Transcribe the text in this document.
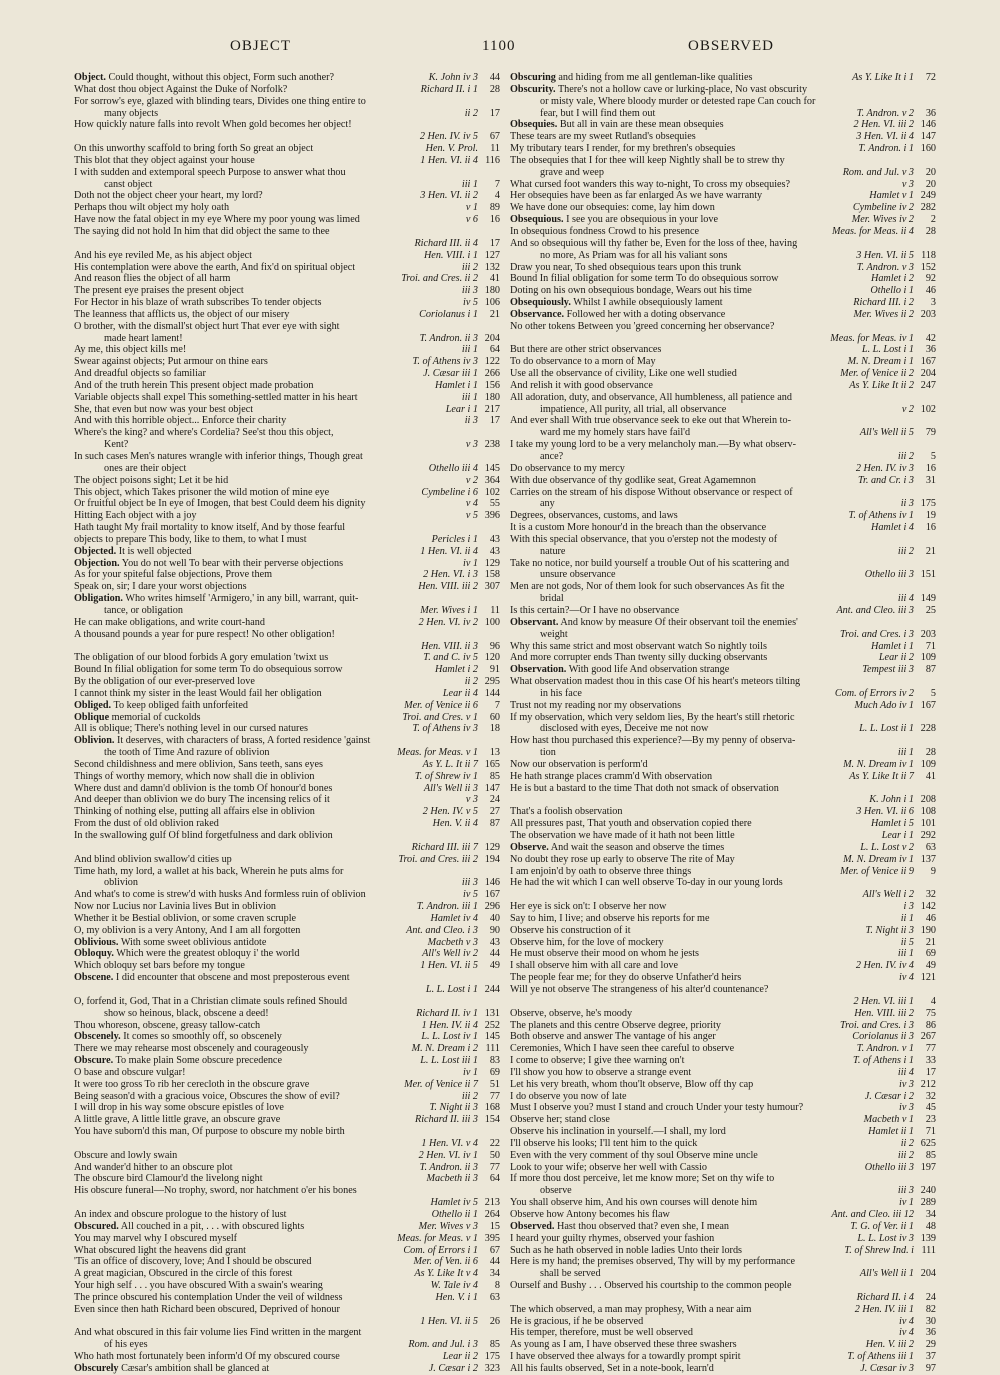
OBJECT	1100	OBSERVED
Object. Could thought, without this object, Form such another?	K. John iv 3	44
What dost thou object Against the Duke of Norfolk?	Richard II. i 1	28
For sorrow's eye, glazed with blinding tears, Divides one thing entire to
many objects	ii 2	17
How quickly nature falls into revolt When gold becomes her object!
2 Hen. IV. iv 5	67
On this unworthy scaffold to bring forth So great an object	Hen. V. Prol.	11
This blot that they object against your house	1 Hen. VI. ii 4 116
I with sudden and extemporal speech Purpose to answer what thou
canst object	iii 1	7
Doth not the object cheer your heart, my lord?	3 Hen. VI. ii 2	4
Perhaps thou wilt object my holy oath	v 1	89
Have now the fatal object in my eye Where my poor young was limed	v 6	16
The saying did not hold In him that did object the same to thee
Richard III. ii 4	17
And his eye reviled Me, as his abject object	Hen. VIII. i 1 127
His contemplation were above the earth, And fix'd on spiritual object	iii 2 132
And reason flies the object of all harm	Troi. and Cres. ii 2	41
The present eye praises the present object	iii 3 180
For Hector in his blaze of wrath subscribes To tender objects	iv 5 106
The leanness that afflicts us, the object of our misery	Coriolanus i 1	21
O brother, with the dismall'st object hurt That ever eye with sight
made heart lament!	T. Andron. ii 3 204
Ay me, this object kills me!	iii 1	64
Swear against objects; Put armour on thine ears	T. of Athens iv 3 122
And dreadful objects so familiar	J. Cæsar iii 1 266
And of the truth herein This present object made probation	Hamlet i 1 156
Variable objects shall expel This something-settled matter in his heart	iii 1 180
She, that even but now was your best object	Lear i 1 217
And with this horrible object... Enforce their charity	ii 3	17
Where's the king? and where's Cordelia? See'st thou this object,
Kent?	v 3 238
In such cases Men's natures wrangle with inferior things, Though great
ones are their object	Othello iii 4 145
The object poisons sight; Let it be hid	v 2 364
This object, which Takes prisoner the wild motion of mine eye	Cymbeline i 6 102
Or fruitful object be In eye of Imogen, that best Could deem his dignity	v 4	55
Hitting Each object with a joy	v 5 396
Hath taught My frail mortality to know itself, And by those fearful
objects to prepare This body, like to them, to what I must	Pericles i 1	43
Objected. It is well objected	1 Hen. VI. ii 4	43
Objection. You do not well To bear with their perverse objections	iv 1 129
As for your spiteful false objections, Prove them	2 Hen. VI. i 3 158
Speak on, sir; I dare your worst objections	Hen. VIII. iii 2 307
Obligation. Who writes himself 'Armigero,' in any bill, warrant, quit-
tance, or obligation	Mer. Wives i 1	11
He can make obligations, and write court-hand	2 Hen. VI. iv 2 100
A thousand pounds a year for pure respect! No other obligation!
Hen. VIII. ii 3	96
The obligation of our blood forbids A gory emulation 'twixt us	T. and C. iv 5 120
Bound In filial obligation for some term To do obsequious sorrow	Hamlet i 2	91
By the obligation of our ever-preserved love	ii 2 295
I cannot think my sister in the least Would fail her obligation	Lear ii 4 144
Obliged. To keep obliged faith unforfeited	Mer. of Venice ii 6	7
Oblique memorial of cuckolds	Troi. and Cres. v 1	60
All is oblique; There's nothing level in our cursed natures	T. of Athens iv 3	18
Oblivion. It deserves, with characters of brass, A forted residence 'gainst
the tooth of Time And razure of oblivion	Meas. for Meas. v 1	13
Second childishness and mere oblivion, Sans teeth, sans eyes	As Y. L. It ii 7 165
Things of worthy memory, which now shall die in oblivion	T. of Shrew iv 1	85
Where dust and damn'd oblivion is the tomb Of honour'd bones	All's Well ii 3 147
And deeper than oblivion we do bury The incensing relics of it	v 3	24
Thinking of nothing else, putting all affairs else in oblivion	2 Hen. IV. v 5	27
From the dust of old oblivion raked	Hen. V. ii 4	87
In the swallowing gulf Of blind forgetfulness and dark oblivion
Richard III. iii 7 129
And blind oblivion swallow'd cities up	Troi. and Cres. iii 2 194
Time hath, my lord, a wallet at his back, Wherein he puts alms for
oblivion	iii 3 146
And what's to come is strew'd with husks And formless ruin of oblivion	iv 5 167
Now nor Lucius nor Lavinia lives But in oblivion	T. Andron. iii 1 296
Whether it be Bestial oblivion, or some craven scruple	Hamlet iv 4	40
O, my oblivion is a very Antony, And I am all forgotten	Ant. and Cleo. i 3	90
Oblivious. With some sweet oblivious antidote	Macbeth v 3	43
Obloquy. Which were the greatest obloquy i' the world	All's Well iv 2	44
Which obloquy set bars before my tongue	1 Hen. VI. ii 5	49
Obscene. I did encounter that obscene and most preposterous event
L. L. Lost i 1 244
O, forfend it, God, That in a Christian climate souls refined Should
show so heinous, black, obscene a deed!	Richard II. iv 1 131
Thou whoreson, obscene, greasy tallow-catch	1 Hen. IV. ii 4 252
Obscenely. It comes so smoothly off, so obscenely	L. L. Lost iv 1 145
There we may rehearse most obscenely and courageously	M. N. Dream i 2 111
Obscure. To make plain Some obscure precedence	L. L. Lost iii 1	83
O base and obscure vulgar!	iv 1	69
It were too gross To rib her cerecloth in the obscure grave	Mer. of Venice ii 7	51
Being season'd with a gracious voice, Obscures the show of evil?	iii 2	77
I will drop in his way some obscure epistles of love	T. Night ii 3 168
A little grave, A little little grave, an obscure grave	Richard II. iii 3 154
You have suborn'd this man, Of purpose to obscure my noble birth
1 Hen. VI. v 4	22
Obscure and lowly swain	2 Hen. VI. iv 1	50
And wander'd hither to an obscure plot	T. Andron. ii 3	77
The obscure bird Clamour'd the livelong night	Macbeth ii 3	64
His obscure funeral—No trophy, sword, nor hatchment o'er his bones
Hamlet iv 5 213
An index and obscure prologue to the history of lust	Othello ii 1 264
Obscured. All couched in a pit, . . . with obscured lights	Mer. Wives v 3	15
You may marvel why I obscured myself	Meas. for Meas. v 1 395
What obscured light the heavens did grant	Com. of Errors i 1	67
'Tis an office of discovery, love; And I should be obscured	Mer. of Ven. ii 6	44
A great magician, Obscured in the circle of this forest	As Y. Like It v 4	34
Your high self . . . you have obscured With a swain's wearing	W. Tale iv 4	8
The prince obscured his contemplation Under the veil of wildness	Hen. V. i 1	63
Even since then hath Richard been obscured, Deprived of honour
1 Hen. VI. ii 5	26
And what obscured in this fair volume lies Find written in the margent
of his eyes	Rom. and Jul. i 3	85
Who hath most fortunately been inform'd Of my obscured course	Lear ii 2 175
Obscurely Cæsar's ambition shall be glanced at	J. Cæsar i 2 323
Obscuring and hiding from me all gentleman-like qualities	As Y. Like It i 1	72
Obscurity. There's not a hollow cave or lurking-place, No vast obscurity
or misty vale, Where bloody murder or detested rape Can couch for
fear, but I will find them out	T. Andron. v 2	36
Obsequies. But all in vain are these mean obsequies	2 Hen. VI. iii 2 146
These tears are my sweet Rutland's obsequies	3 Hen. VI. ii 4 147
My tributary tears I render, for my brethren's obsequies	T. Andron. i 1 160
The obsequies that I for thee will keep Nightly shall be to strew thy
grave and weep	Rom. and Jul. v 3	20
What cursed foot wanders this way to-night, To cross my obsequies?	v 3	20
Her obsequies have been as far enlarged As we have warranty	Hamlet v 1 249
We have done our obsequies: come, lay him down	Cymbeline iv 2 282
Obsequious. I see you are obsequious in your love	Mer. Wives iv 2	2
In obsequious fondness Crowd to his presence	Meas. for Meas. ii 4	28
And so obsequious will thy father be, Even for the loss of thee, having
no more, As Priam was for all his valiant sons	3 Hen. VI. ii 5 118
Draw you near, To shed obsequious tears upon this trunk	T. Andron. v 3 152
Bound In filial obligation for some term To do obsequious sorrow	Hamlet i 2	92
Doting on his own obsequious bondage, Wears out his time	Othello i 1	46
Obsequiously. Whilst I awhile obsequiously lament	Richard III. i 2	3
Observance. Followed her with a doting observance	Mer. Wives ii 2 203
No other tokens Between you 'greed concerning her observance?
Meas. for Meas. iv 1	42
But there are other strict observances	L. L. Lost i 1	36
To do observance to a morn of May	M. N. Dream i 1 167
Use all the observance of civility, Like one well studied	Mer. of Venice ii 2 204
And relish it with good observance	As Y. Like It ii 2 247
All adoration, duty, and observance, All humbleness, all patience and
impatience, All purity, all trial, all observance	v 2 102
And ever shall With true observance seek to eke out that Wherein to-
ward me my homely stars have fail'd	All's Well ii 5	79
I take my young lord to be a very melancholy man.—By what observ-
ance?	iii 2	5
Do observance to my mercy	2 Hen. IV. iv 3	16
With due observance of thy godlike seat, Great Agamemnon	Tr. and Cr. i 3	31
Carries on the stream of his dispose Without observance or respect of
any	ii 3 175
Degrees, observances, customs, and laws	T. of Athens iv 1	19
It is a custom More honour'd in the breach than the observance	Hamlet i 4	16
With this special observance, that you o'erstep not the modesty of
nature	iii 2	21
Take no notice, nor build yourself a trouble Out of his scattering and
unsure observance	Othello iii 3 151
Men are not gods, Nor of them look for such observances As fit the
bridal	iii 4 149
Is this certain?—Or I have no observance	Ant. and Cleo. iii 3	25
Observant. And know by measure Of their observant toil the enemies'
weight	Troi. and Cres. i 3 203
Why this same strict and most observant watch So nightly toils	Hamlet i 1	71
And more corrupter ends Than twenty silly ducking observants	Lear ii 2 109
Observation. With good life And observation strange	Tempest iii 3	87
What observation madest thou in this case Of his heart's meteors tilting
in his face	Com. of Errors iv 2	5
Trust not my reading nor my observations	Much Ado iv 1 167
If my observation, which very seldom lies, By the heart's still rhetoric
disclosed with eyes, Deceive me not now	L. L. Lost ii 1 228
How hast thou purchased this experience?—By my penny of observa-
tion	iii 1	28
Now our observation is perform'd	M. N. Dream iv 1 109
He hath strange places cramm'd With observation	As Y. Like It ii 7	41
He is but a bastard to the time That doth not smack of observation
K. John i 1 208
That's a foolish observation	3 Hen. VI. ii 6 108
All pressures past, That youth and observation copied there	Hamlet i 5 101
The observation we have made of it hath not been little	Lear i 1 292
Observe. And wait the season and observe the times	L. L. Lost v 2	63
No doubt they rose up early to observe The rite of May	M. N. Dream iv 1 137
I am enjoin'd by oath to observe three things	Mer. of Venice ii 9	9
He had the wit which I can well observe To-day in our young lords
All's Well i 2	32
Her eye is sick on't: I observe her now	i 3 142
Say to him, I live; and observe his reports for me	ii 1	46
Observe his construction of it	T. Night ii 3 190
Observe him, for the love of mockery	ii 5	21
He must observe their mood on whom he jests	iii 1	69
I shall observe him with all care and love	2 Hen. IV. iv 4	49
The people fear me; for they do observe Unfather'd heirs	iv 4 121
Will ye not observe The strangeness of his alter'd countenance?
2 Hen. VI. iii 1	4
Observe, observe, he's moody	Hen. VIII. iii 2	75
The planets and this centre Observe degree, priority	Troi. and Cres. i 3	86
Both observe and answer The vantage of his anger	Coriolanus ii 3 267
Ceremonies, Which I have seen thee careful to observe	T. Andron. v 1	77
I come to observe; I give thee warning on't	T. of Athens i 1	33
I'll show you how to observe a strange event	iii 4	17
Let his very breath, whom thou'lt observe, Blow off thy cap	iv 3 212
I do observe you now of late	J. Cæsar i 2	32
Must I observe you? must I stand and crouch Under your testy humour?	iv 3	45
Observe her; stand close	Macbeth v 1	23
Observe his inclination in yourself.—I shall, my lord	Hamlet ii 1	71
I'll observe his looks; I'll tent him to the quick	ii 2 625
Even with the very comment of thy soul Observe mine uncle	iii 2	85
Look to your wife; observe her well with Cassio	Othello iii 3 197
If more thou dost perceive, let me know more; Set on thy wife to
observe	iii 3 240
You shall observe him, And his own courses will denote him	iv 1 289
Observe how Antony becomes his flaw	Ant. and Cleo. iii 12	34
Observed. Hast thou observed that? even she, I mean	T. G. of Ver. ii 1	48
I heard your guilty rhymes, observed your fashion	L. L. Lost iv 3 139
Such as he hath observed in noble ladies Unto their lords	T. of Shrew Ind. i 111
Here is my hand; the premises observed, Thy will by my performance
shall be served	All's Well ii 1 204
Ourself and Bushy . . . Observed his courtship to the common people
Richard II. i 4	24
The which observed, a man may prophesy, With a near aim	2 Hen. IV. iii 1	82
He is gracious, if he be observed	iv 4	30
His temper, therefore, must be well observed	iv 4	36
As young as I am, I have observed these three swashers	Hen. V. iii 2	29
I have observed thee always for a towardly prompt spirit	T. of Athens iii 1	37
All his faults observed, Set in a note-book, learn'd	J. Cæsar iv 3	97
